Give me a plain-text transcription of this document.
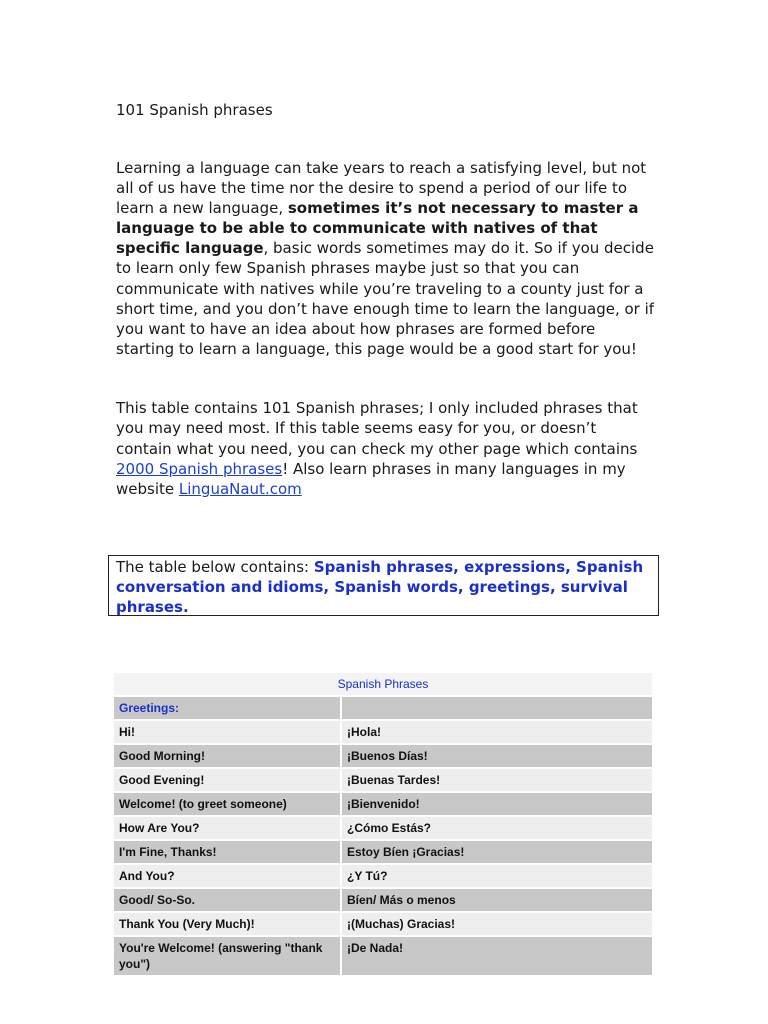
101 Spanish phrases

Learning a language can take years to reach a satisfying level, but not all of us have the time nor the desire to spend a period of our life to learn a new language, sometimes it’s not necessary to master a language to be able to communicate with natives of that specific language, basic words sometimes may do it. So if you decide to learn only few Spanish phrases maybe just so that you can communicate with natives while you’re traveling to a county just for a short time, and you don’t have enough time to learn the language, or if you want to have an idea about how phrases are formed before starting to learn a language, this page would be a good start for you!

This table contains 101 Spanish phrases; I only included phrases that you may need most. If this table seems easy for you, or doesn’t contain what you need, you can check my other page which contains 2000 Spanish phrases! Also learn phrases in many languages in my website LinguaNaut.com

The table below contains: Spanish phrases, expressions, Spanish conversation and idioms, Spanish words, greetings, survival phrases.
Spanish Phrases	
Greetings:	
Hi!	¡Hola!
Good Morning!	¡Buenos Días!
Good Evening!	¡Buenas Tardes!
Welcome! (to greet someone)	¡Bienvenido!
How Are You?	¿Cómo Estás?
I'm Fine, Thanks!	Estoy Bíen ¡Gracias!
And You?	¿Y Tú?
Good/ So-So.	Bíen/ Más o menos
Thank You (Very Much)!	¡(Muchas) Gracias!
You're Welcome! (answering "thank you")	¡De Nada!
